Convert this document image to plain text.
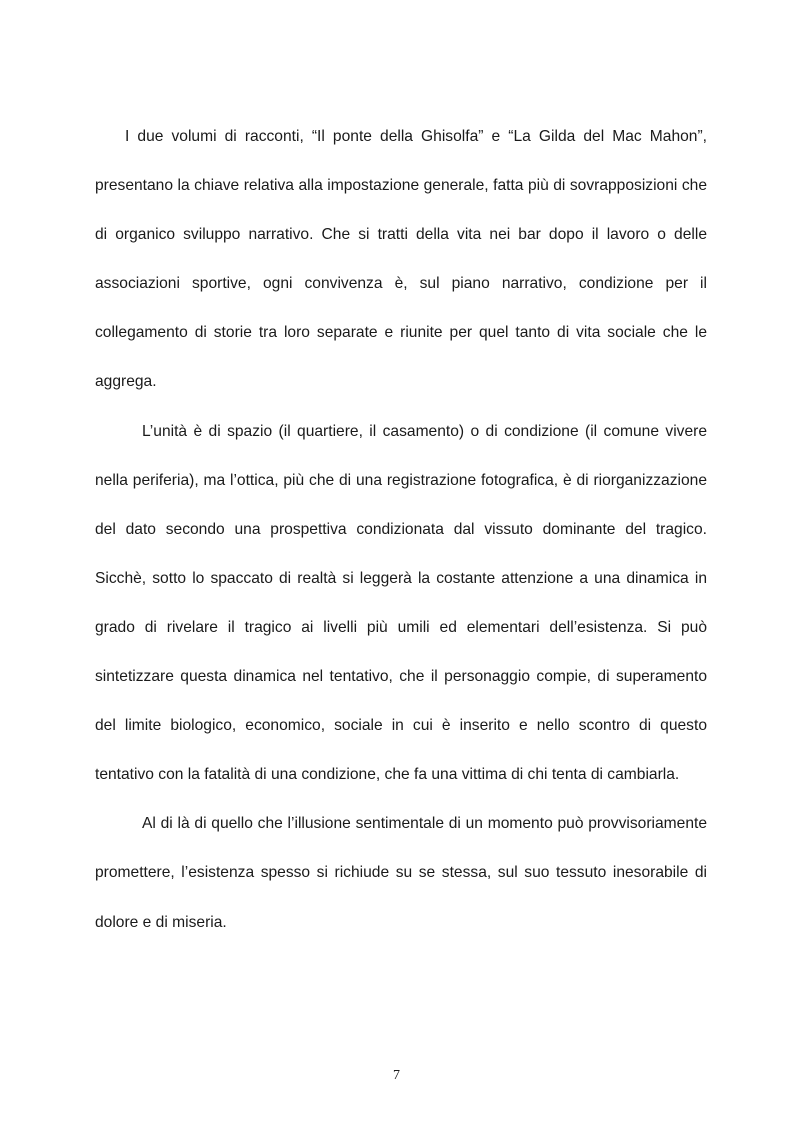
I due volumi di racconti, “Il ponte della Ghisolfa” e “La Gilda del Mac Mahon”, presentano la chiave relativa alla impostazione generale, fatta più di sovrapposizioni che di organico sviluppo narrativo. Che si tratti della vita nei bar dopo il lavoro o delle associazioni sportive, ogni convivenza è, sul piano narrativo, condizione per il collegamento di storie tra loro separate e riunite per quel tanto di vita sociale che le aggrega.

L’unità è di spazio (il quartiere, il casamento) o di condizione (il comune vivere nella periferia), ma l’ottica, più che di una registrazione fotografica, è di riorganizzazione del dato secondo una prospettiva condizionata dal vissuto dominante del tragico. Sicchè, sotto lo spaccato di realtà si leggerà la costante attenzione a una dinamica in grado di rivelare il tragico ai livelli più umili ed elementari dell’esistenza. Si può sintetizzare questa dinamica nel tentativo, che il personaggio compie, di superamento del limite biologico, economico, sociale in cui è inserito e nello scontro di questo tentativo con la fatalità di una condizione, che fa una vittima di chi tenta di cambiarla.

Al di là di quello che l’illusione sentimentale di un momento può provvisoriamente promettere, l’esistenza spesso si richiude su se stessa, sul suo tessuto inesorabile di dolore e di miseria.

7
